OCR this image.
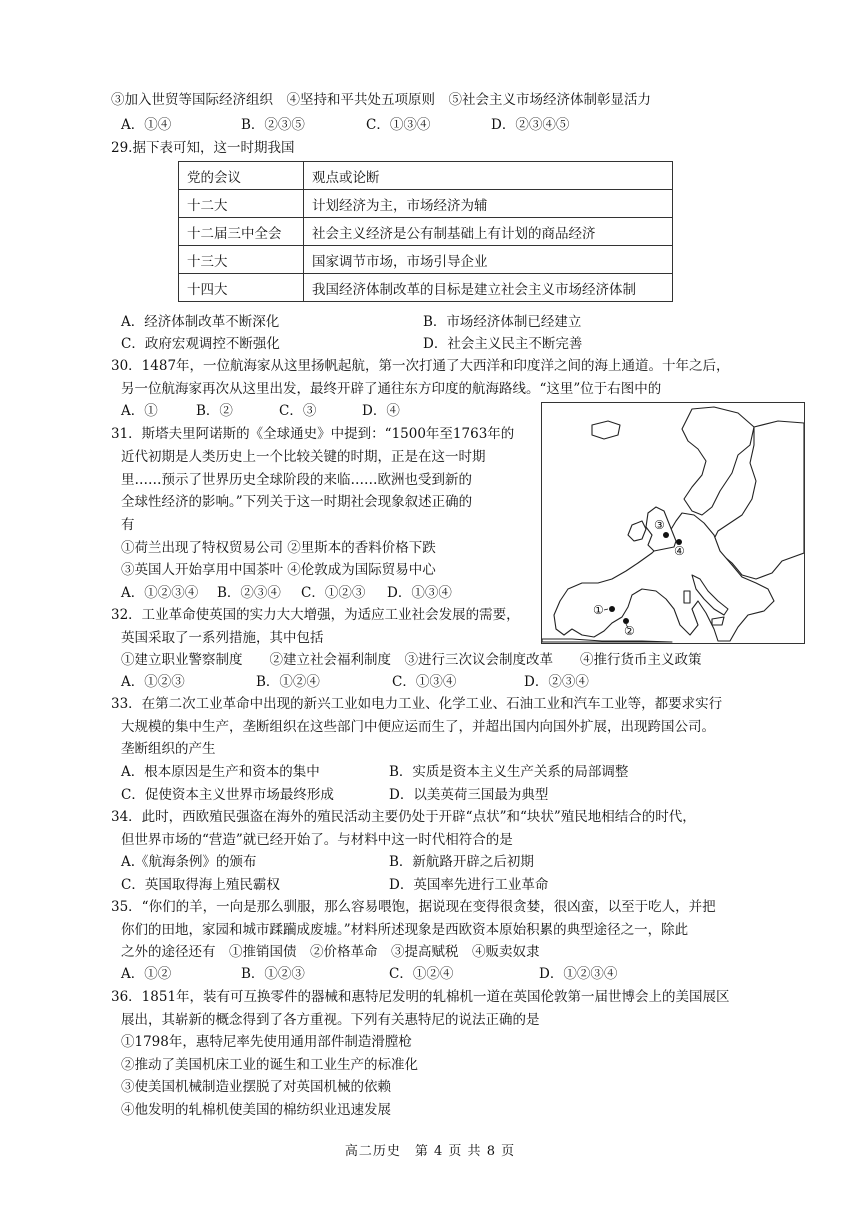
③加入世贸等国际经济组织　④坚持和平共处五项原则　⑤社会主义市场经济体制彰显活力
A．①④	B．②③⑤	C．①③④	D．②③④⑤
29.据下表可知，这一时期我国
党的会议	观点或论断
十二大	计划经济为主，市场经济为辅
十二届三中全会	社会主义经济是公有制基础上有计划的商品经济
十三大	国家调节市场，市场引导企业
十四大	我国经济体制改革的目标是建立社会主义市场经济体制
A．经济体制改革不断深化	B．市场经济体制已经建立
C．政府宏观调控不断强化	D．社会主义民主不断完善
30．1487年，一位航海家从这里扬帆起航，第一次打通了大西洋和印度洋之间的海上通道。十年之后，
另一位航海家再次从这里出发，最终开辟了通往东方印度的航海路线。“这里”位于右图中的
A．①	B．②	C．③	D．④
31．斯塔夫里阿诺斯的《全球通史》中提到：“1500年至1763年的
近代初期是人类历史上一个比较关键的时期，正是在这一时期
里……预示了世界历史全球阶段的来临……欧洲也受到新的
全球性经济的影响。”下列关于这一时期社会现象叙述正确的
有
①荷兰出现了特权贸易公司 ②里斯本的香料价格下跌
③英国人开始享用中国茶叶 ④伦敦成为国际贸易中心
A．①②③④ B．②③④ C．①②③ D．①③④
③
④
①
②
32．工业革命使英国的实力大大增强，为适应工业社会发展的需要，
英国采取了一系列措施，其中包括
①建立职业警察制度　　②建立社会福利制度　③进行三次议会制度改革　　④推行货币主义政策
A．①②③	B．①②④	C．①③④	D．②③④
33．在第二次工业革命中出现的新兴工业如电力工业、化学工业、石油工业和汽车工业等，都要求实行
大规模的集中生产，垄断组织在这些部门中便应运而生了，并超出国内向国外扩展，出现跨国公司。
垄断组织的产生
A．根本原因是生产和资本的集中	B．实质是资本主义生产关系的局部调整
C．促使资本主义世界市场最终形成	D．以美英荷三国最为典型
34．此时，西欧殖民强盗在海外的殖民活动主要仍处于开辟“点状”和“块状”殖民地相结合的时代，
但世界市场的“营造”就已经开始了。与材料中这一时代相符合的是
A.《航海条例》的颁布	B．新航路开辟之后初期
C．英国取得海上殖民霸权	D．英国率先进行工业革命
35．“你们的羊，一向是那么驯服，那么容易喂饱，据说现在变得很贪婪，很凶蛮，以至于吃人，并把
你们的田地，家园和城市蹂躏成废墟。”材料所述现象是西欧资本原始积累的典型途径之一，除此
之外的途径还有　①推销国债　②价格革命　③提高赋税　④贩卖奴隶
A．①②	B．①②③	C．①②④	D．①②③④
36．1851年，装有可互换零件的器械和惠特尼发明的轧棉机一道在英国伦敦第一届世博会上的美国展区
展出，其崭新的概念得到了各方重视。下列有关惠特尼的说法正确的是
①1798年，惠特尼率先使用通用部件制造滑膛枪
②推动了美国机床工业的诞生和工业生产的标准化
③使美国机械制造业摆脱了对英国机械的依赖
④他发明的轧棉机使美国的棉纺织业迅速发展
高二历史　第 4 页 共 8 页
